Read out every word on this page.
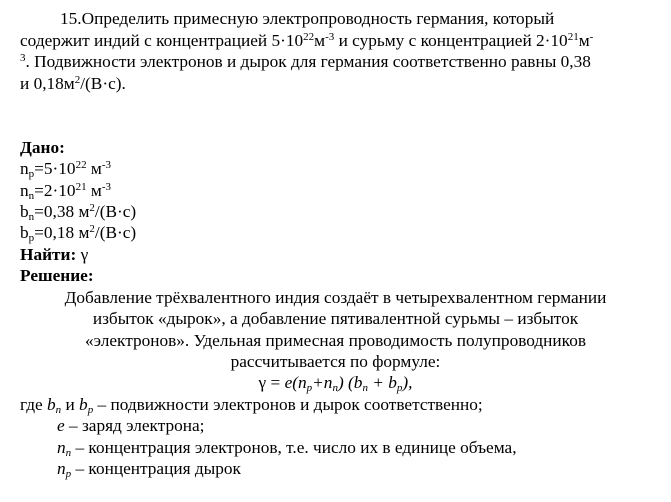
15.Определить примесную электропроводность германия, который

содержит индий с концентрацией $5\cdot 10^{22}м^{-3}$ и сурьму с концентрацией $2\cdot 10^{21}м^-$

$^3$. Подвижности электронов и дырок для германия соответственно равны 0,38

и $0,18м^2/(В\cdot с)$.

Дано:
$n_p=5\cdot 10^{22}$ $м^{-3}$
$n_n=2\cdot 10^{21}$ $м^{-3}$
$b_n=0,38$ $м^2/(В\cdot с)$
$b_p=0,18$ $м^2/(В\cdot с)$
Найти: γ
Решение:
Добавление трёхвалентного индия создаёт в четырехвалентном германии
избыток «дырок», а добавление пятивалентной сурьмы – избыток
«электронов». Удельная примесная проводимость полупроводников
рассчитывается по формуле:
$\gamma = e(n_p+n_n) (b_n + b_p)$,
где $b_n$ и $b_p$ – подвижности электронов и дырок соответственно;
e – заряд электрона;
$n_n$ – концентрация электронов, т.е. число их в единице объема,
$n_p$ – концентрация дырок
